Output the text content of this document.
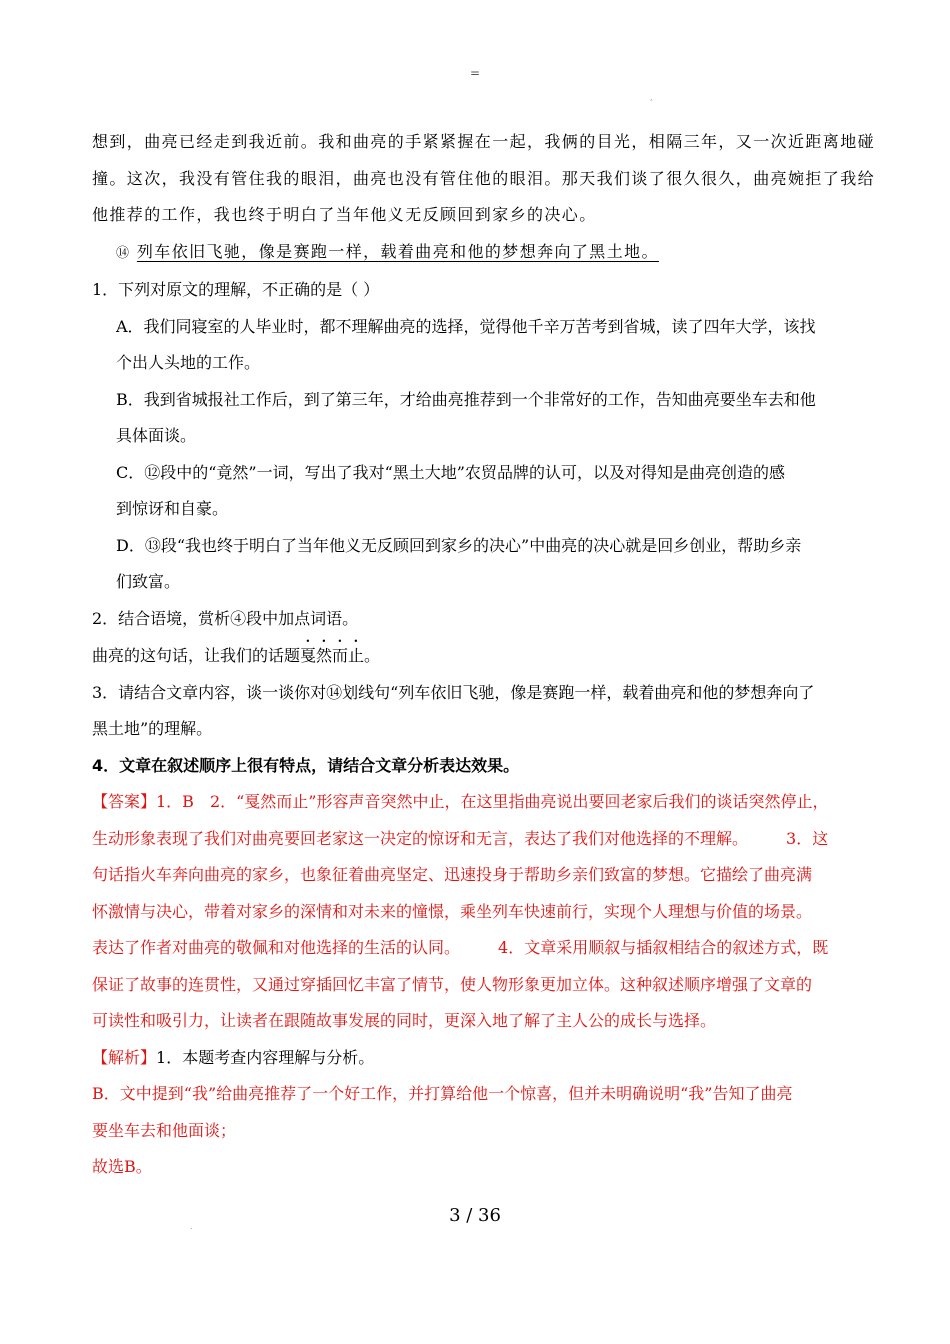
=
,

想到，曲亮已经走到我近前。我和曲亮的手紧紧握在一起，我俩的目光，相隔三年，又一次近距离地碰

撞。这次，我没有管住我的眼泪，曲亮也没有管住他的眼泪。那天我们谈了很久很久，曲亮婉拒了我给

他推荐的工作，我也终于明白了当年他义无反顾回到家乡的决心。

⑭ 列车依旧飞驰，像是赛跑一样，载着曲亮和他的梦想奔向了黑土地。

1．下列对原文的理解，不正确的是（ ）

A．我们同寝室的人毕业时，都不理解曲亮的选择，觉得他千辛万苦考到省城，读了四年大学，该找

个出人头地的工作。

B．我到省城报社工作后，到了第三年，才给曲亮推荐到一个非常好的工作，告知曲亮要坐车去和他

具体面谈。

C．⑫段中的“竟然”一词，写出了我对“黑土大地”农贸品牌的认可，以及对得知是曲亮创造的感

到惊讶和自豪。

D．⑬段“我也终于明白了当年他义无反顾回到家乡的决心”中曲亮的决心就是回乡创业，帮助乡亲

们致富。

2．结合语境，赏析④段中加点词语。

曲亮的这句话，让我们的话题戛然而止。

3．请结合文章内容，谈一谈你对⑭划线句“列车依旧飞驰，像是赛跑一样，载着曲亮和他的梦想奔向了

黑土地”的理解。

4．文章在叙述顺序上很有特点，请结合文章分析表达效果。

【答案】1．B　2．“戛然而止”形容声音突然中止，在这里指曲亮说出要回老家后我们的谈话突然停止，

生动形象表现了我们对曲亮要回老家这一决定的惊讶和无言，表达了我们对他选择的不理解。 3．这

句话指火车奔向曲亮的家乡，也象征着曲亮坚定、迅速投身于帮助乡亲们致富的梦想。它描绘了曲亮满

怀激情与决心，带着对家乡的深情和对未来的憧憬，乘坐列车快速前行，实现个人理想与价值的场景。

表达了作者对曲亮的敬佩和对他选择的生活的认同。 4．文章采用顺叙与插叙相结合的叙述方式，既

保证了故事的连贯性，又通过穿插回忆丰富了情节，使人物形象更加立体。这种叙述顺序增强了文章的

可读性和吸引力，让读者在跟随故事发展的同时，更深入地了解了主人公的成长与选择。

【解析】1．本题考查内容理解与分析。

B．文中提到“我”给曲亮推荐了一个好工作，并打算给他一个惊喜，但并未明确说明“我”告知了曲亮

要坐车去和他面谈；

故选B。

.
3 / 36
